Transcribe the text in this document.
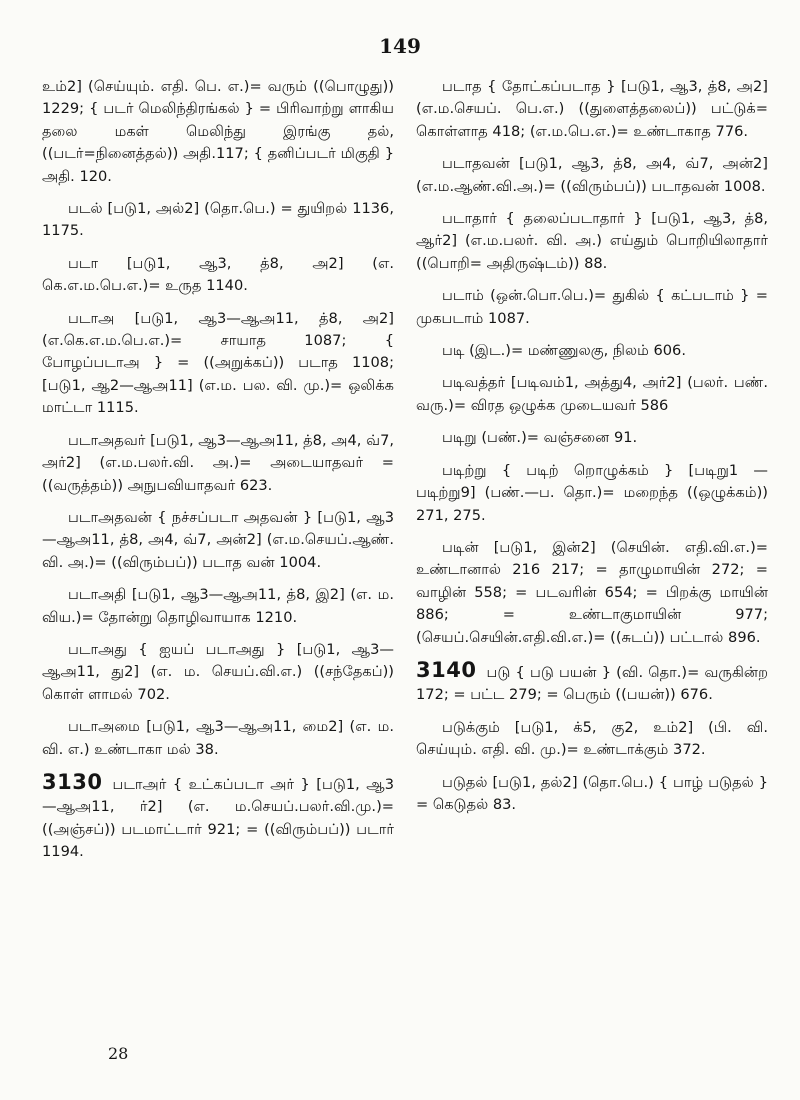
149

உம்2] (செய்யும். எதி. பெ. எ.)= வரும் ((பொழுது)) 1229; { படர் மெலிந்திரங்கல் } = பிரிவாற்று ளாகிய தலை மகள் மெலிந்து இரங்கு தல், ((படர்=நினைத்தல்)) அதி.117; { தனிப்படர் மிகுதி } அதி. 120.

படல் [படு1, அல்2] (தொ.பெ.) = துயிறல் 1136, 1175.

படா [படு1, ஆ3, த்8, அ2] (எ. கெ.எ.ம.பெ.எ.)= உருத 1140.

படாஅ [படு1, ஆ3—ஆஅ11, த்8, அ2] (எ.கெ.எ.ம.பெ.எ.)= சாயாத 1087; { போழப்படாஅ } = ((அறுக்கப்)) படாத 1108; [படு1, ஆ2—ஆஅ11] (எ.ம. பல. வி. மு.)= ஒலிக்க மாட்டா 1115.

படாஅதவர் [படு1, ஆ3—ஆஅ11, த்8, அ4, வ்7, அர்2] (எ.ம.பலர்.வி. அ.)= அடையாதவர் = ((வருத்தம்)) அநுபவியாதவர் 623.

படாஅதவன் { நச்சப்படா அதவன் } [படு1, ஆ3—ஆஅ11, த்8, அ4, வ்7, அன்2] (எ.ம.செயப்.ஆண். வி. அ.)= ((விரும்பப்)) படாத வன் 1004.

படாஅதி [படு1, ஆ3—ஆஅ11, த்8, இ2] (எ. ம. விய.)= தோன்று தொழிவாயாக 1210.

படாஅது { ஐயப் படாஅது } [படு1, ஆ3—ஆஅ11, து2] (எ. ம. செயப்.வி.எ.) ((சந்தேகப்)) கொள் ளாமல் 702.

படாஅமை [படு1, ஆ3—ஆஅ11, மை2] (எ. ம. வி. எ.) உண்டாகா மல் 38.

3130 படாஅர் { உட்கப்படா அர் } [படு1, ஆ3—ஆஅ11, ர்2] (எ. ம.செயப்.பலர்.வி.மு.)= ((அஞ்சப்)) படமாட்டார் 921; = ((விரும்பப்)) படார் 1194.

படாத { தோட்கப்படாத } [படு1, ஆ3, த்8, அ2] (எ.ம.செயப். பெ.எ.) ((துளைத்தலைப்)) பட்டுக்= கொள்ளாத 418; (எ.ம.பெ.எ.)= உண்டாகாத 776.

படாதவன் [படு1, ஆ3, த்8, அ4, வ்7, அன்2] (எ.ம.ஆண்.வி.அ.)= ((விரும்பப்)) படாதவன் 1008.

படாதார் { தலைப்படாதார் } [படு1, ஆ3, த்8, ஆர்2] (எ.ம.பலர். வி. அ.) எய்தும் பொறியிலாதார் ((பொறி= அதிருஷ்டம்)) 88.

படாம் (ஒன்.பொ.பெ.)= துகில் { கட்படாம் } = முகபடாம் 1087.

படி (இட.)= மண்ணுலகு, நிலம் 606.

படிவத்தர் [படிவம்1, அத்து4, அர்2] (பலர். பண். வரு.)= விரத ஒழுக்க முடையவர் 586

படிறு (பண்.)= வஞ்சனை 91.

படிற்று { படிற் றொழுக்கம் } [படிறு1 — படிற்று9] (பண்.—ப. தொ.)= மறைந்த ((ஒழுக்கம்)) 271, 275.

படின் [படு1, இன்2] (செயின். எதி.வி.எ.)= உண்டானால் 216 217; = தாழுமாயின் 272; = வாழின் 558; = படவரின் 654; = பிறக்கு மாயின் 886; = உண்டாகுமாயின் 977; (செயப்.செயின்.எதி.வி.எ.)= ((சுடப்)) பட்டால் 896.

3140 படு { படு பயன் } (வி. தொ.)= வருகின்ற 172; = பட்ட 279; = பெரும் ((பயன்)) 676.

படுக்கும் [படு1, க்5, கு2, உம்2] (பி. வி. செய்யும். எதி. வி. மு.)= உண்டாக்கும் 372.

படுதல் [படு1, தல்2] (தொ.பெ.) { பாழ் படுதல் } = கெடுதல் 83.

28
